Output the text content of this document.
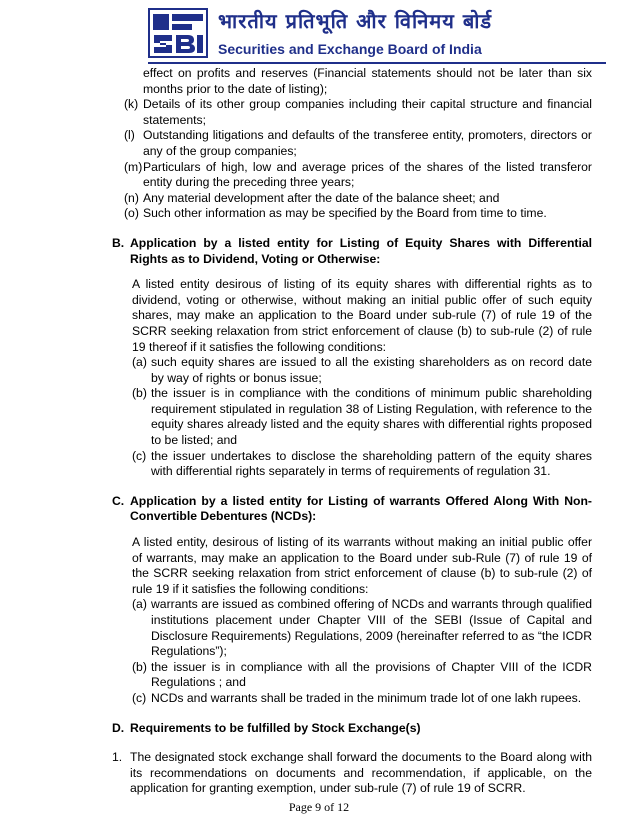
भारतीय प्रतिभूति और विनिमय बोर्ड
Securities and Exchange Board of India

effect on profits and reserves (Financial statements should not be later than six months prior to the date of listing);

(k) Details of its other group companies including their capital structure and financial statements;

(l) Outstanding litigations and defaults of the transferee entity, promoters, directors or any of the group companies;

(m) Particulars of high, low and average prices of the shares of the listed transferor entity during the preceding three years;

(n) Any material development after the date of the balance sheet; and

(o) Such other information as may be specified by the Board from time to time.

B. Application by a listed entity for Listing of Equity Shares with Differential Rights as to Dividend, Voting or Otherwise:

A listed entity desirous of listing of its equity shares with differential rights as to dividend, voting or otherwise, without making an initial public offer of such equity shares, may make an application to the Board under sub-rule (7) of rule 19 of the SCRR seeking relaxation from strict enforcement of clause (b) to sub-rule (2) of rule 19 thereof if it satisfies the following conditions:

(a) such equity shares are issued to all the existing shareholders as on record date by way of rights or bonus issue;

(b) the issuer is in compliance with the conditions of minimum public shareholding requirement stipulated in regulation 38 of Listing Regulation, with reference to the equity shares already listed and the equity shares with differential rights proposed to be listed; and

(c) the issuer undertakes to disclose the shareholding pattern of the equity shares with differential rights separately in terms of requirements of regulation 31.

C. Application by a listed entity for Listing of warrants Offered Along With Non-Convertible Debentures (NCDs):

A listed entity, desirous of listing of its warrants without making an initial public offer of warrants, may make an application to the Board under sub-Rule (7) of rule 19 of the SCRR seeking relaxation from strict enforcement of clause (b) to sub-rule (2) of rule 19 if it satisfies the following conditions:

(a) warrants are issued as combined offering of NCDs and warrants through qualified institutions placement under Chapter VIII of the SEBI (Issue of Capital and Disclosure Requirements) Regulations, 2009 (hereinafter referred to as “the ICDR Regulations”);

(b) the issuer is in compliance with all the provisions of Chapter VIII of the ICDR Regulations ; and

(c) NCDs and warrants shall be traded in the minimum trade lot of one lakh rupees.

D. Requirements to be fulfilled by Stock Exchange(s)

1. The designated stock exchange shall forward the documents to the Board along with its recommendations on documents and recommendation, if applicable, on the application for granting exemption, under sub-rule (7) of rule 19 of SCRR.

Page 9 of 12
